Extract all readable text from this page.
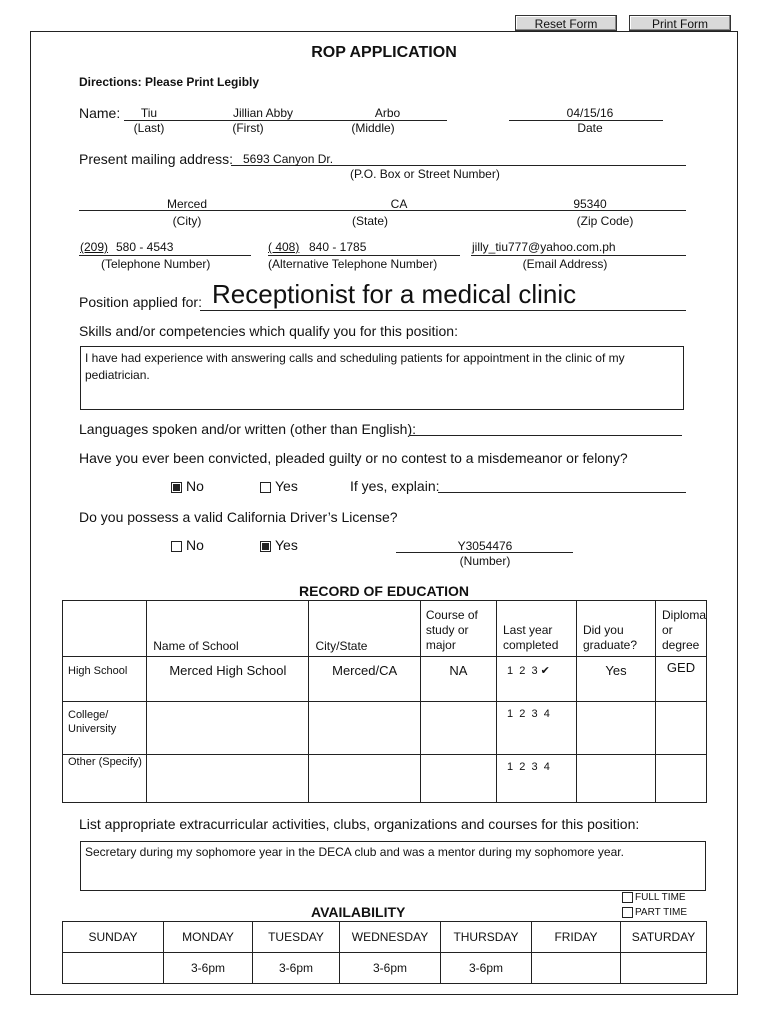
Reset Form	Print Form
ROP APPLICATION
Directions: Please Print Legibly
Name:	Tiu	Jillian Abby	Arbo
(Last)	(First)	(Middle)
04/15/16
Date
Present mailing address: 5693 Canyon Dr.
(P.O. Box or Street Number)
Merced	CA	95340
(City)	(State)	(Zip Code)
(209) 580 - 4543
(Telephone Number)
( 408) 840 - 1785
(Alternative Telephone Number)
jilly_tiu777@yahoo.com.ph
(Email Address)
Position applied for: Receptionist for a medical clinic
Skills and/or competencies which qualify you for this position:
I have had experience with answering calls and scheduling patients for appointment in the clinic of my pediatrician.
Languages spoken and/or written (other than English):
Have you ever been convicted, pleaded guilty or no contest to a misdemeanor or felony?
No	Yes	If yes, explain:
Do you possess a valid California Driver’s License?
No	Yes	Y3054476
(Number)
RECORD OF EDUCATION
	Name of School	City/State	Course of study or major	Last year completed	Did you graduate?	Diploma or degree
High School	Merced High School	Merced/CA	NA	1  2  3 ✔	Yes	GED
College/ University				1  2  3  4		
Other (Specify)				1  2  3  4		
List appropriate extracurricular activities, clubs, organizations and courses for this position:
Secretary during my sophomore year in the DECA club and was a mentor during my sophomore year.
AVAILABILITY
FULL TIME
PART TIME
SUNDAY	MONDAY	TUESDAY	WEDNESDAY	THURSDAY	FRIDAY	SATURDAY
	3-6pm	3-6pm	3-6pm	3-6pm		
